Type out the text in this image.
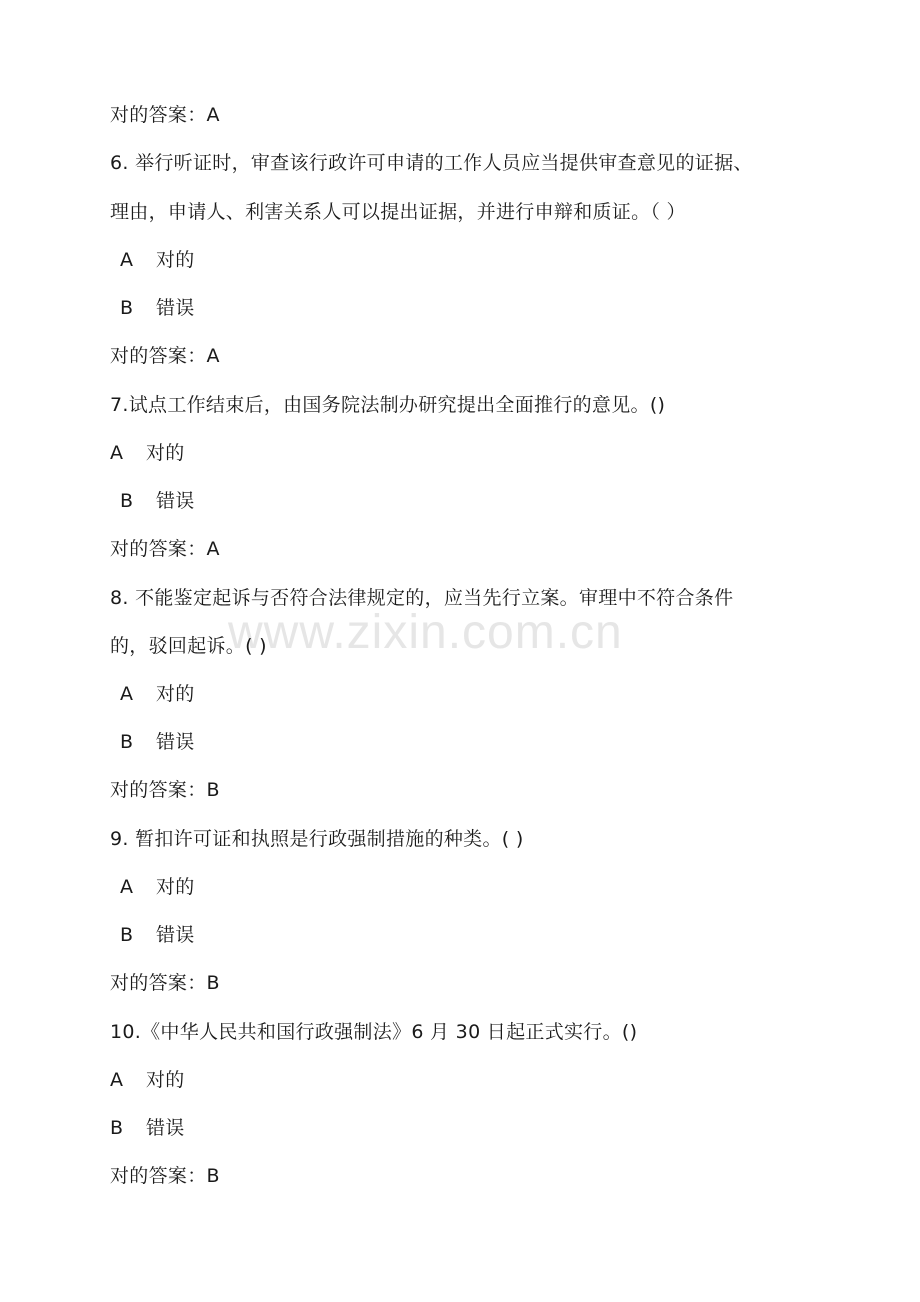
www.zixin.com.cn
对的答案：A
6. 举行听证时，审查该行政许可申请的工作人员应当提供审查意见的证据、
理由，申请人、利害关系人可以提出证据，并进行申辩和质证。（ ）
A 对的
B 错误
对的答案：A
7.试点工作结束后，由国务院法制办研究提出全面推行的意见。()
A 对的
B 错误
对的答案：A
8. 不能鉴定起诉与否符合法律规定的，应当先行立案。审理中不符合条件
的，驳回起诉。( )
A 对的
B 错误
对的答案：B
9. 暂扣许可证和执照是行政强制措施的种类。( )
A 对的
B 错误
对的答案：B
10.《中华人民共和国行政强制法》6 月 30 日起正式实行。()
A 对的
B 错误
对的答案：B
